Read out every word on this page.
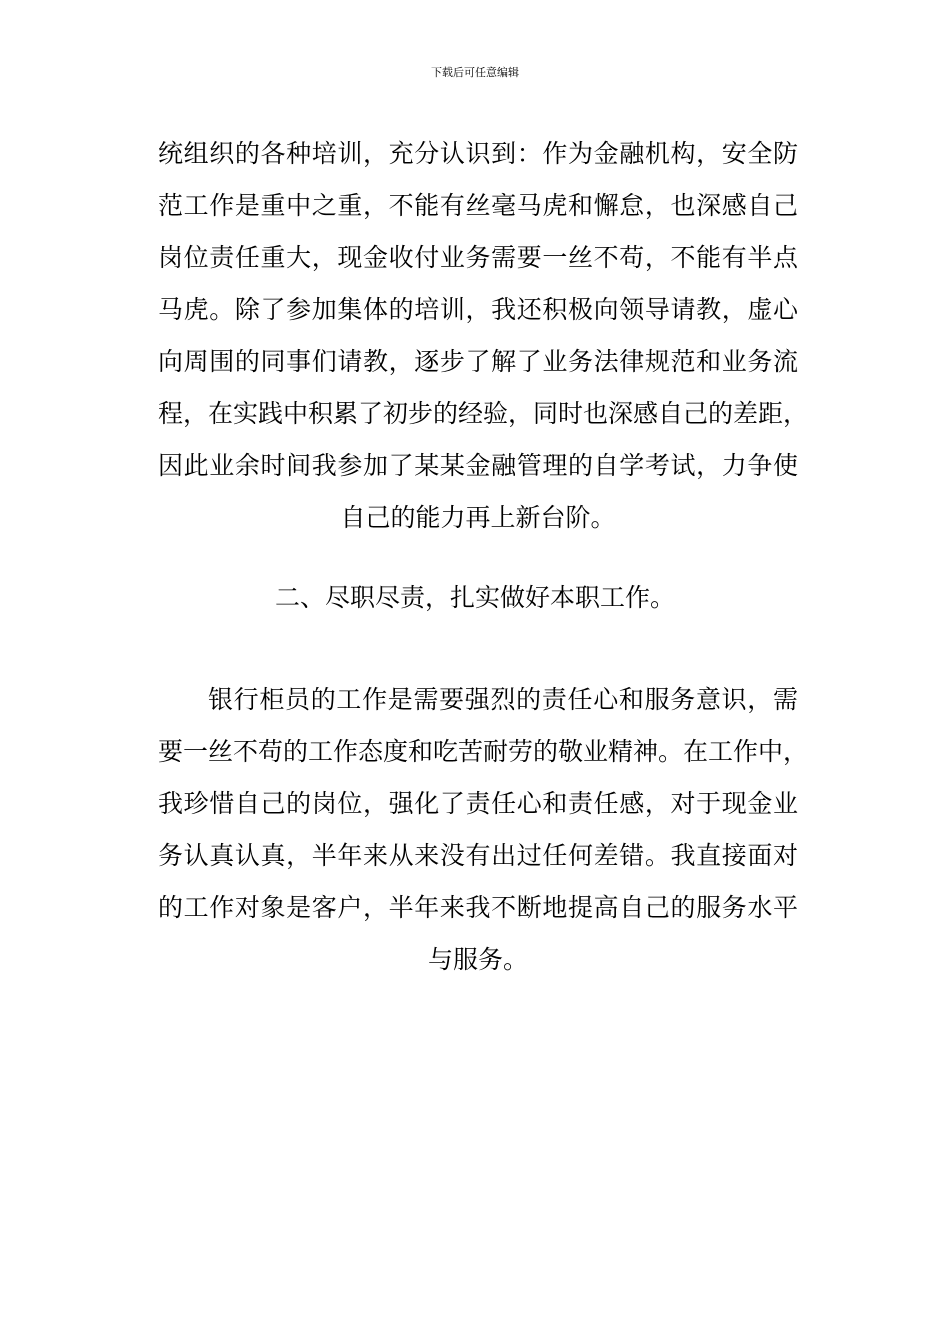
下载后可任意编辑
统组织的各种培训，充分认识到：作为金融机构，安全防
范工作是重中之重，不能有丝毫马虎和懈怠，也深感自己
岗位责任重大，现金收付业务需要一丝不苟，不能有半点
马虎。除了参加集体的培训，我还积极向领导请教，虚心
向周围的同事们请教，逐步了解了业务法律规范和业务流
程，在实践中积累了初步的经验，同时也深感自己的差距，
因此业余时间我参加了某某金融管理的自学考试，力争使
自己的能力再上新台阶。
二、尽职尽责，扎实做好本职工作。
银行柜员的工作是需要强烈的责任心和服务意识，需
要一丝不苟的工作态度和吃苦耐劳的敬业精神。在工作中，
我珍惜自己的岗位，强化了责任心和责任感，对于现金业
务认真认真，半年来从来没有出过任何差错。我直接面对
的工作对象是客户，半年来我不断地提高自己的服务水平
与服务。
